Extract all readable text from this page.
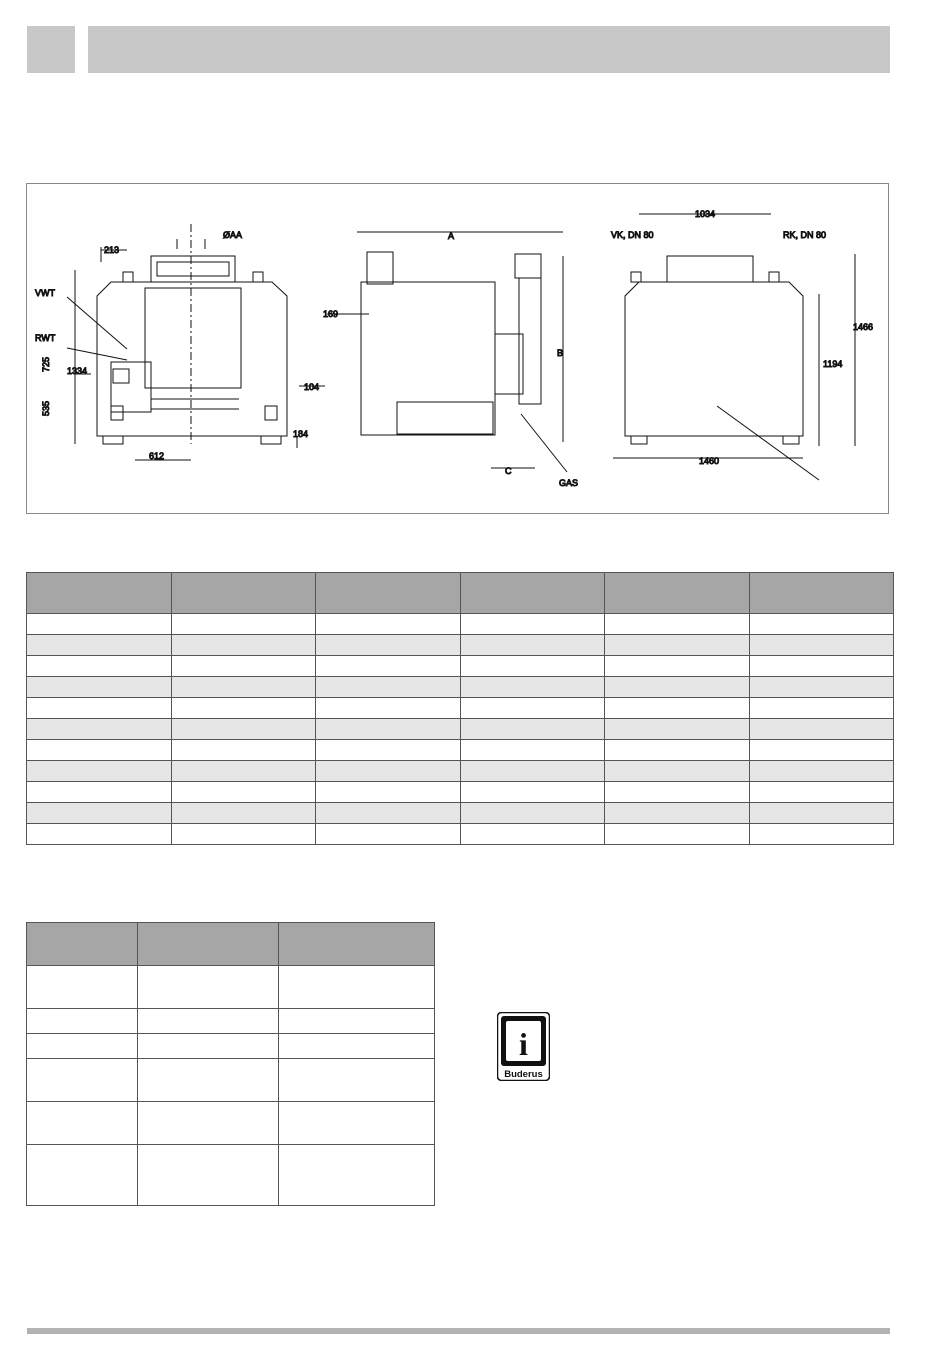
213
ØAA
VWT
RWT
725 1334
535
612
104
184
A
B
C
169
GAS
1034
VK, DN 80	RK, DN 80
1466
1194
1460

i
Buderus
